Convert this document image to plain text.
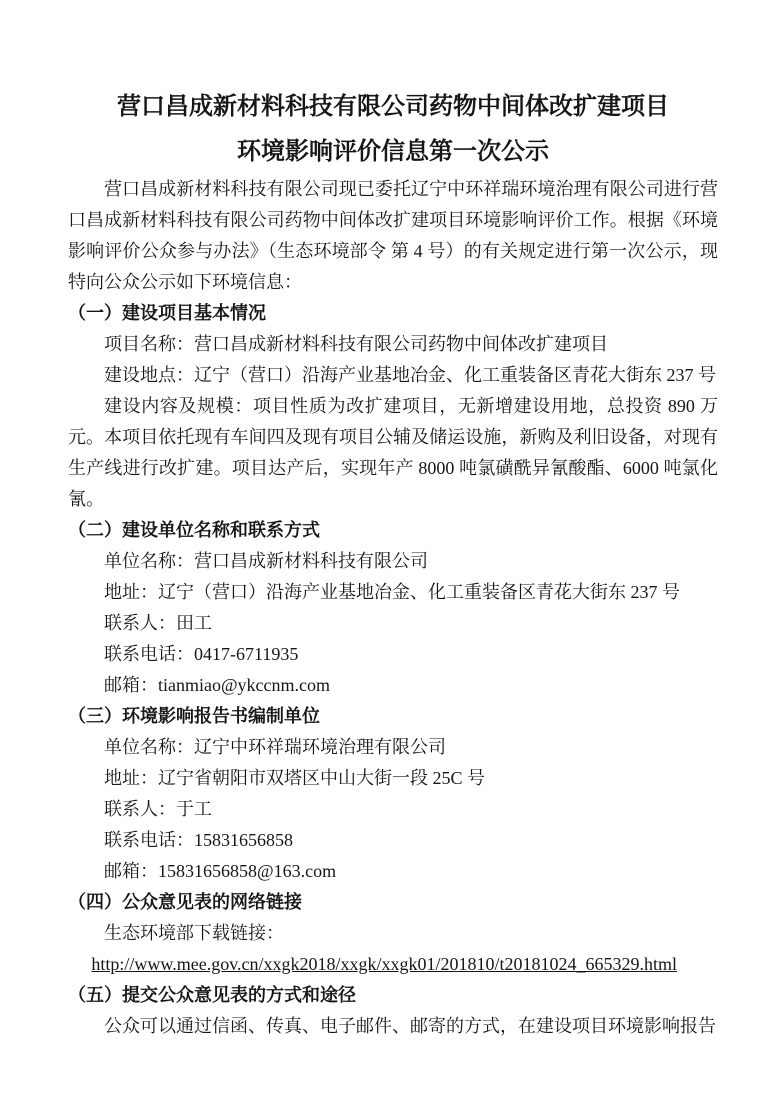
营口昌成新材料科技有限公司药物中间体改扩建项目
环境影响评价信息第一次公示

营口昌成新材料科技有限公司现已委托辽宁中环祥瑞环境治理有限公司进行营口昌成新材料科技有限公司药物中间体改扩建项目环境影响评价工作。根据《环境影响评价公众参与办法》（生态环境部令 第 4 号）的有关规定进行第一次公示，现特向公众公示如下环境信息：

（一）建设项目基本情况

项目名称：营口昌成新材料科技有限公司药物中间体改扩建项目

建设地点：辽宁（营口）沿海产业基地冶金、化工重装备区青花大街东 237 号

建设内容及规模：项目性质为改扩建项目，无新增建设用地，总投资 890 万元。本项目依托现有车间四及现有项目公辅及储运设施，新购及利旧设备，对现有生产线进行改扩建。项目达产后，实现年产 8000 吨氯磺酰异氰酸酯、6000 吨氯化氰。

（二）建设单位名称和联系方式

单位名称：营口昌成新材料科技有限公司

地址：辽宁（营口）沿海产业基地冶金、化工重装备区青花大街东 237 号

联系人：田工

联系电话：0417-6711935

邮箱：tianmiao@ykccnm.com

（三）环境影响报告书编制单位

单位名称：辽宁中环祥瑞环境治理有限公司

地址：辽宁省朝阳市双塔区中山大街一段 25C 号

联系人：于工

联系电话：15831656858

邮箱：15831656858@163.com

（四）公众意见表的网络链接

生态环境部下载链接：

http://www.mee.gov.cn/xxgk2018/xxgk/xxgk01/201810/t20181024_665329.html

（五）提交公众意见表的方式和途径

公众可以通过信函、传真、电子邮件、邮寄的方式，在建设项目环境影响报告
